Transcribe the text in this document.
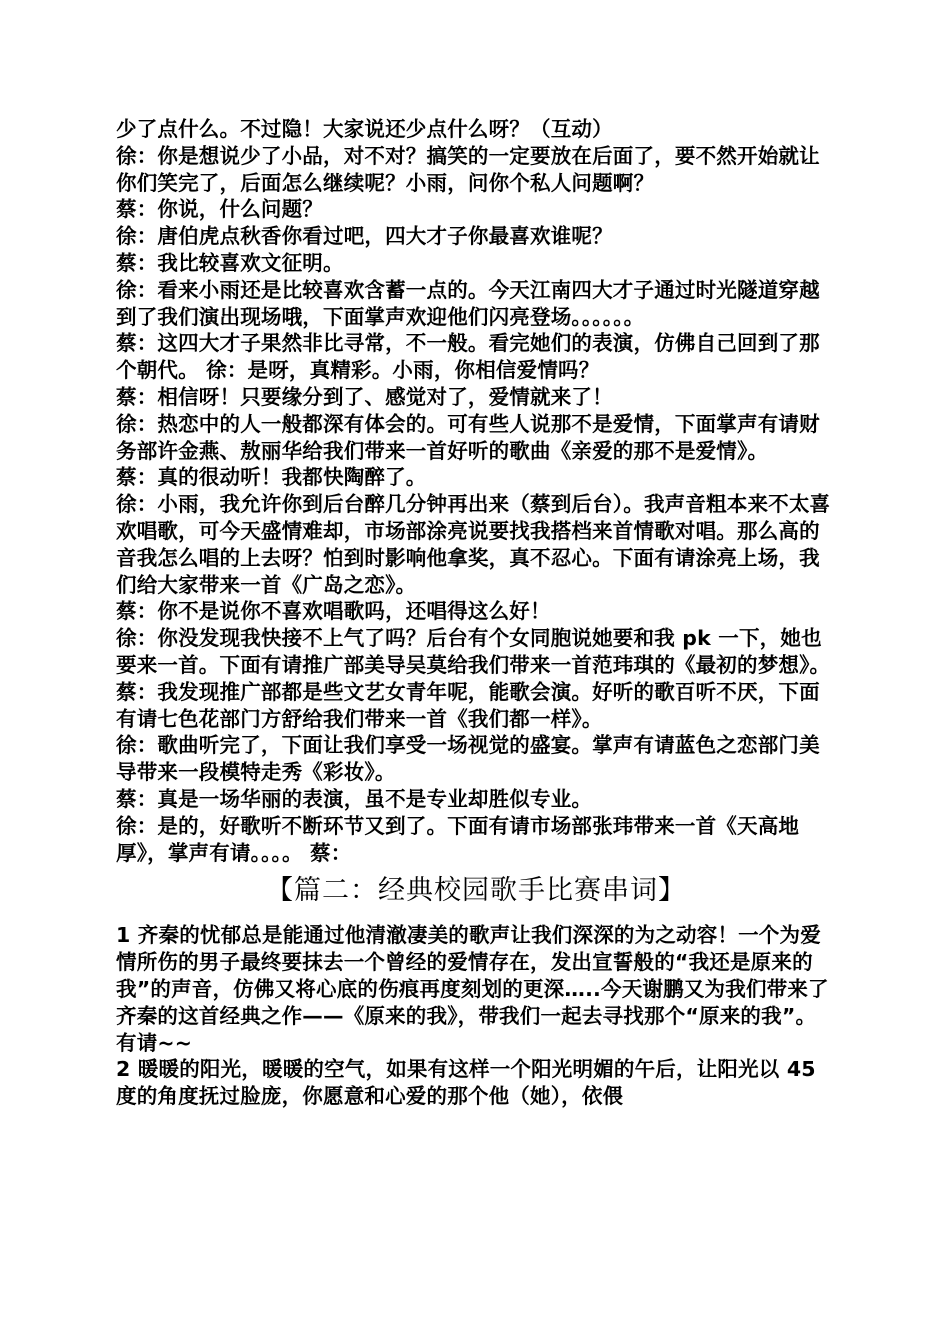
少了点什么。不过隐！大家说还少点什么呀？（互动）

徐：你是想说少了小品，对不对？搞笑的一定要放在后面了，要不然开始就让你们笑完了，后面怎么继续呢？小雨，问你个私人问题啊？

蔡：你说，什么问题？

徐：唐伯虎点秋香你看过吧，四大才子你最喜欢谁呢？

蔡：我比较喜欢文征明。

徐：看来小雨还是比较喜欢含蓄一点的。今天江南四大才子通过时光隧道穿越到了我们演出现场哦，下面掌声欢迎他们闪亮登场。。。。。。

蔡：这四大才子果然非比寻常，不一般。看完她们的表演，仿佛自己回到了那个朝代。 徐：是呀，真精彩。小雨，你相信爱情吗？

蔡：相信呀！只要缘分到了、感觉对了，爱情就来了！

徐：热恋中的人一般都深有体会的。可有些人说那不是爱情，下面掌声有请财务部许金燕、敖丽华给我们带来一首好听的歌曲《亲爱的那不是爱情》。

蔡：真的很动听！我都快陶醉了。

徐：小雨，我允许你到后台醉几分钟再出来（蔡到后台）。我声音粗本来不太喜欢唱歌，可今天盛情难却，市场部涂亮说要找我搭档来首情歌对唱。那么高的音我怎么唱的上去呀？怕到时影响他拿奖，真不忍心。下面有请涂亮上场，我们给大家带来一首《广岛之恋》。

蔡：你不是说你不喜欢唱歌吗，还唱得这么好！

徐：你没发现我快接不上气了吗？后台有个女同胞说她要和我 pk 一下，她也要来一首。下面有请推广部美导吴莫给我们带来一首范玮琪的《最初的梦想》。

蔡：我发现推广部都是些文艺女青年呢，能歌会演。好听的歌百听不厌，下面有请七色花部门方舒给我们带来一首《我们都一样》。

徐：歌曲听完了，下面让我们享受一场视觉的盛宴。掌声有请蓝色之恋部门美导带来一段模特走秀《彩妆》。

蔡：真是一场华丽的表演，虽不是专业却胜似专业。

徐：是的，好歌听不断环节又到了。下面有请市场部张玮带来一首《天高地厚》，掌声有请。。。。 蔡：

【篇二：经典校园歌手比赛串词】

1 齐秦的忧郁总是能通过他清澈凄美的歌声让我们深深的为之动容！一个为爱情所伤的男子最终要抹去一个曾经的爱情存在，发出宣誓般的“我还是原来的我”的声音，仿佛又将心底的伤痕再度刻划的更深…..今天谢鹏又为我们带来了齐秦的这首经典之作——《原来的我》，带我们一起去寻找那个“原来的我”。有请~~

2 暖暖的阳光，暖暖的空气，如果有这样一个阳光明媚的午后，让阳光以 45 度的角度抚过脸庞，你愿意和心爱的那个他（她），依偎
